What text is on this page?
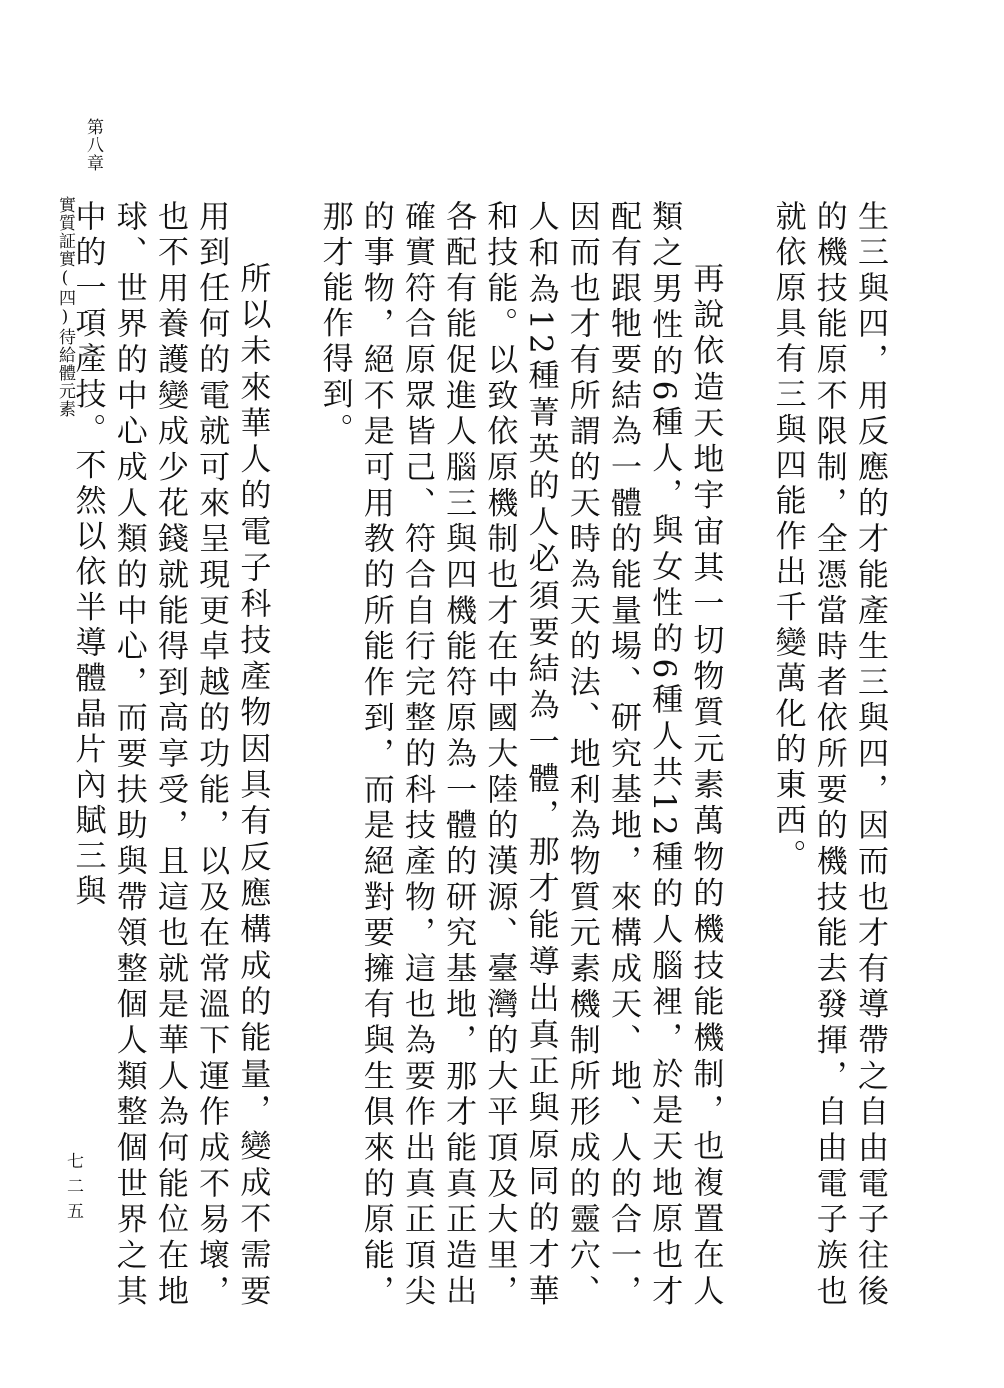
第八章
實質証實(四)待給體元素
七二五	生三與四，用反應的才能產生三與四，因而也才有導帶之自由電子往後的機技能原不限制，全憑當時者依所要的機技能去發揮，自由電子族也就依原具有三與四能作出千變萬化的東西。

再說依造天地宇宙其一切物質元素萬物的機技能機制，也複置在人類之男性的6種人，與女性的6種人共12種的人腦裡，於是天地原也才配有跟牠要結為一體的能量場、研究基地，來構成天、地、人的合一，因而也才有所謂的天時為天的法、地利為物質元素機制所形成的靈穴、人和為12種菁英的人必須要結為一體，那才能導出真正與原同的才華和技能。以致依原機制也才在中國大陸的漢源、臺灣的大平頂及大里，各配有能促進人腦三與四機能符原為一體的研究基地，那才能真正造出確實符合原眾皆己、符合自行完整的科技產物，這也為要作出真正頂尖的事物，絕不是可用教的所能作到，而是絕對要擁有與生俱來的原能，那才能作得到。

所以未來華人的電子科技產物因具有反應構成的能量，變成不需要用到任何的電就可來呈現更卓越的功能，以及在常溫下運作成不易壞，也不用養護變成少花錢就能得到高享受，且這也就是華人為何能位在地球、世界的中心成人類的中心，而要扶助與帶領整個人類整個世界之其中的一項產技。不然以依半導體晶片內賦三與
